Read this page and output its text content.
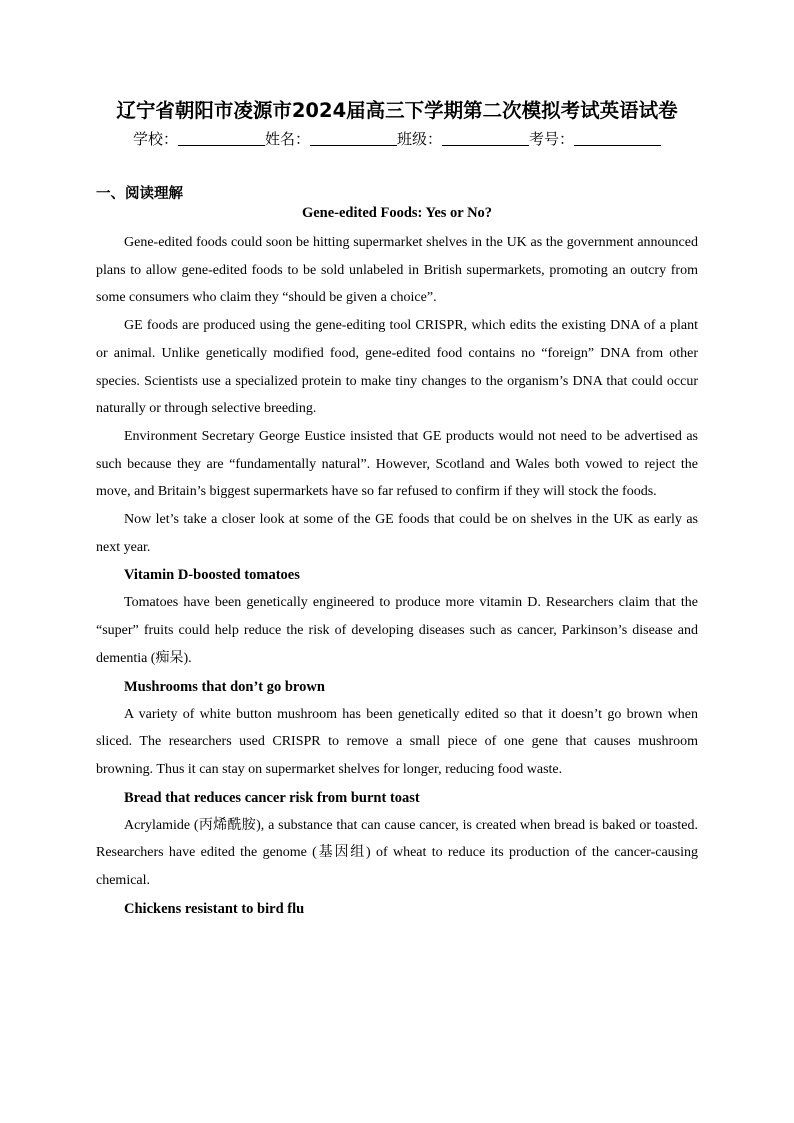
辽宁省朝阳市凌源市2024届高三下学期第二次模拟考试英语试卷
学校：	姓名：	班级：	考号：
一、阅读理解
Gene-edited Foods: Yes or No?

Gene-edited foods could soon be hitting supermarket shelves in the UK as the government announced plans to allow gene-edited foods to be sold unlabeled in British supermarkets, promoting an outcry from some consumers who claim they “should be given a choice”.

GE foods are produced using the gene-editing tool CRISPR, which edits the existing DNA of a plant or animal. Unlike genetically modified food, gene-edited food contains no “foreign” DNA from other species. Scientists use a specialized protein to make tiny changes to the organism’s DNA that could occur naturally or through selective breeding.

Environment Secretary George Eustice insisted that GE products would not need to be advertised as such because they are “fundamentally natural”. However, Scotland and Wales both vowed to reject the move, and Britain’s biggest supermarkets have so far refused to confirm if they will stock the foods.

Now let’s take a closer look at some of the GE foods that could be on shelves in the UK as early as next year.

Vitamin D-boosted tomatoes

Tomatoes have been genetically engineered to produce more vitamin D. Researchers claim that the “super” fruits could help reduce the risk of developing diseases such as cancer, Parkinson’s disease and dementia (痴呆).

Mushrooms that don’t go brown

A variety of white button mushroom has been genetically edited so that it doesn’t go brown when sliced. The researchers used CRISPR to remove a small piece of one gene that causes mushroom browning. Thus it can stay on supermarket shelves for longer, reducing food waste.

Bread that reduces cancer risk from burnt toast

Acrylamide (丙烯酰胺), a substance that can cause cancer, is created when bread is baked or toasted. Researchers have edited the genome (基因组) of wheat to reduce its production of the cancer-causing chemical.

Chickens resistant to bird flu
